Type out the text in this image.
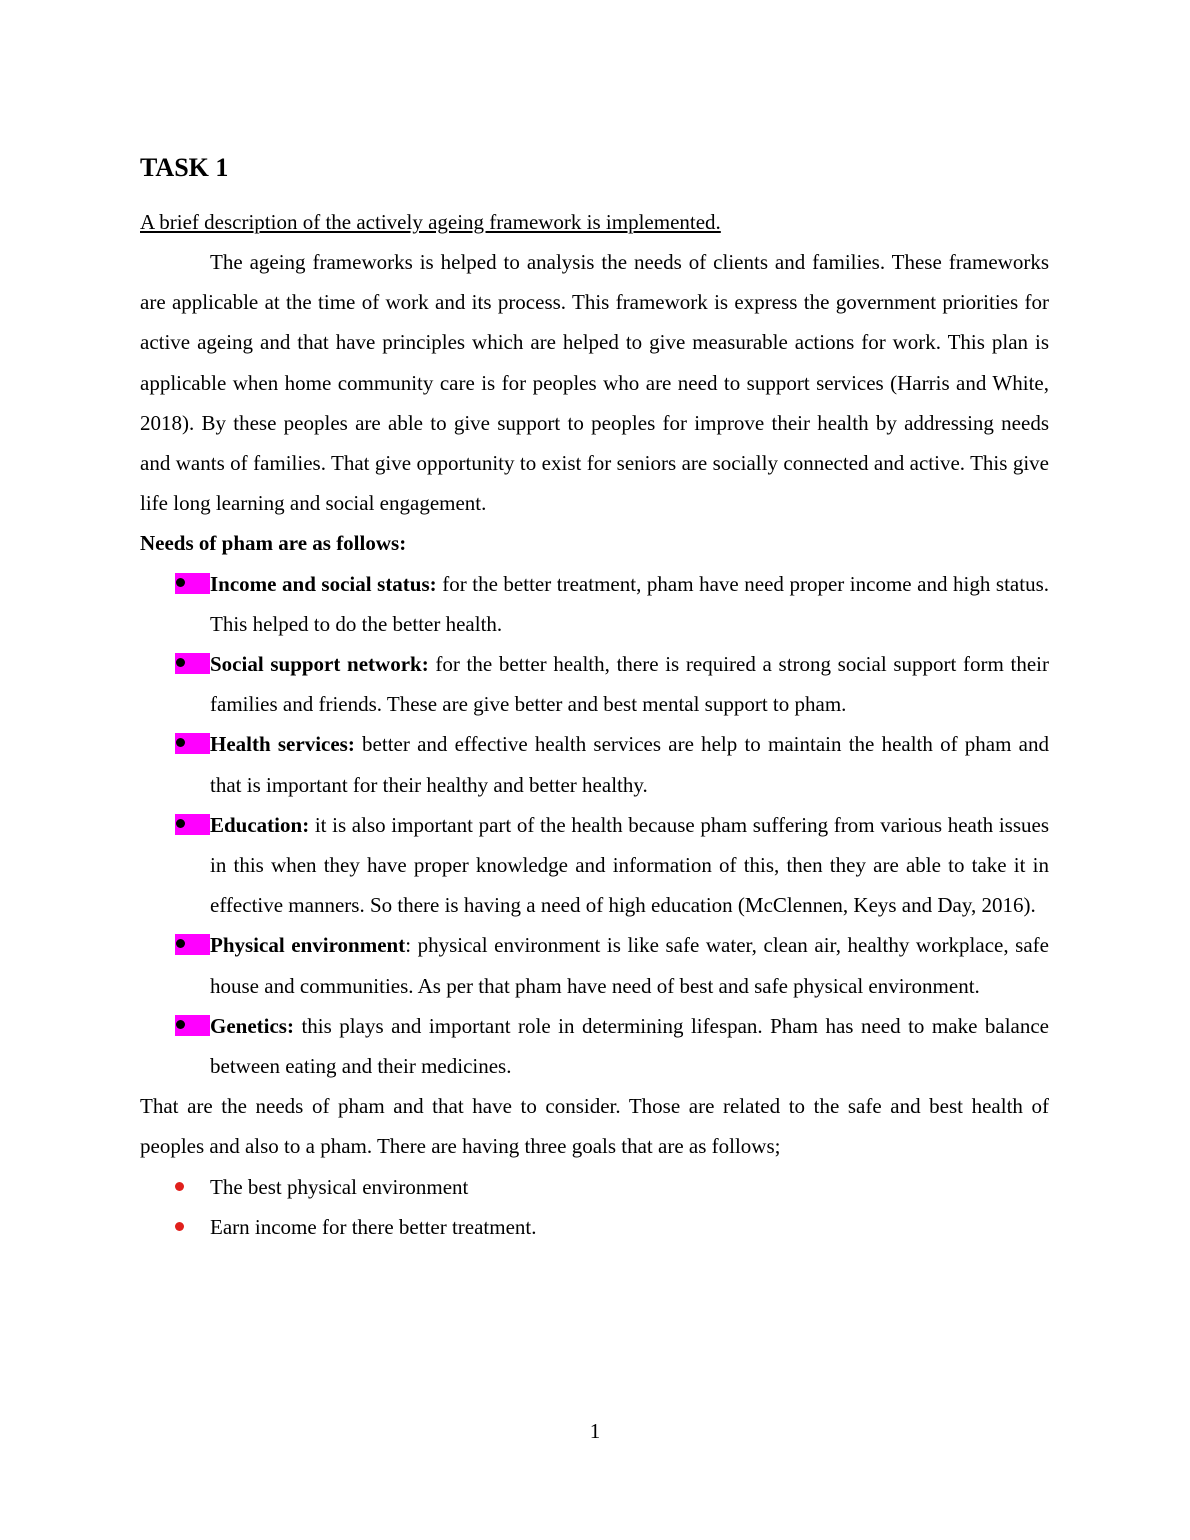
TASK 1

A brief description of the actively ageing framework is implemented.

The ageing frameworks is helped to analysis the needs of clients and families. These frameworks are applicable at the time of work and its process. This framework is express the government priorities for active ageing and that have principles which are helped to give measurable actions for work. This plan is applicable when home community care is for peoples who are need to support services (Harris and White, 2018). By these peoples are able to give support to peoples for improve their health by addressing needs and wants of families. That give opportunity to exist for seniors are socially connected and active. This give life long learning and social engagement.

Needs of pham are as follows:

Income and social status: for the better treatment, pham have need proper income and high status. This helped to do the better health.
Social support network: for the better health, there is required a strong social support form their families and friends. These are give better and best mental support to pham.
Health services: better and effective health services are help to maintain the health of pham and that is important for their healthy and better healthy.
Education: it is also important part of the health because pham suffering from various heath issues in this when they have proper knowledge and information of this, then they are able to take it in effective manners. So there is having a need of high education (McClennen, Keys and Day, 2016).
Physical environment: physical environment is like safe water, clean air, healthy workplace, safe house and communities. As per that pham have need of best and safe physical environment.
Genetics: this plays and important role in determining lifespan. Pham has need to make balance between eating and their medicines.

That are the needs of pham and that have to consider. Those are related to the safe and best health of peoples and also to a pham. There are having three goals that are as follows;

The best physical environment
Earn income for there better treatment.
1
